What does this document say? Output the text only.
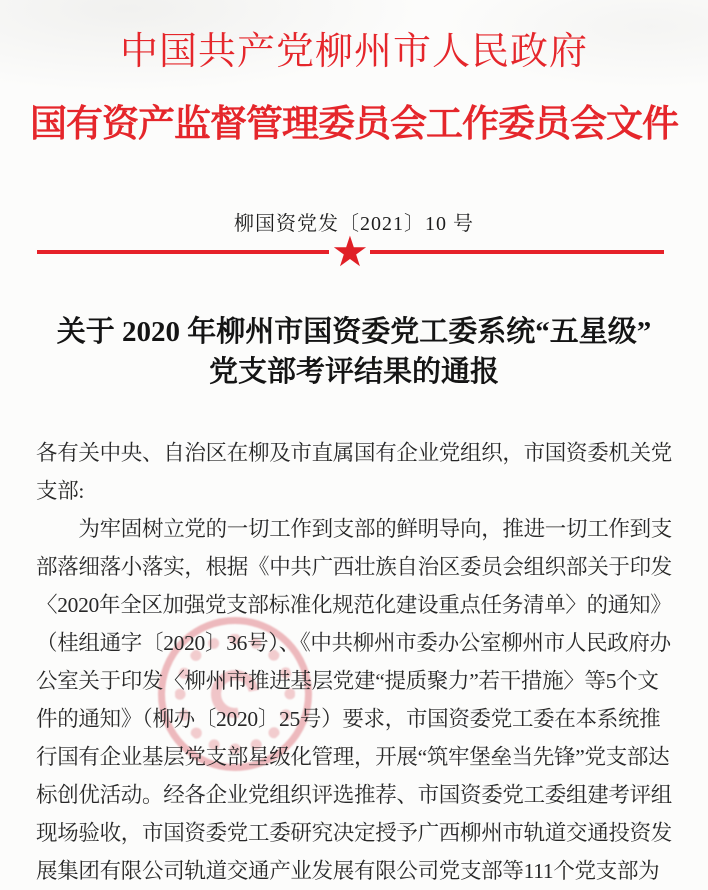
中国共产党柳州市人民政府
国有资产监督管理委员会工作委员会文件
柳国资党发〔2021〕10 号
★
关于 2020 年柳州市国资委党工委系统“五星级”
党支部考评结果的通报
各有关中央、自治区在柳及市直属国有企业党组织，市国资委机关党
支部:
　　为牢固树立党的一切工作到支部的鲜明导向，推进一切工作到支
部落细落小落实，根据《中共广西壮族自治区委员会组织部关于印发
〈2020年全区加强党支部标准化规范化建设重点任务清单〉的通知》
（桂组通字〔2020〕36号）、《中共柳州市委办公室柳州市人民政府办
公室关于印发〈柳州市推进基层党建“提质聚力”若干措施〉等5个文
件的通知》（柳办〔2020〕25号）要求，市国资委党工委在本系统推
行国有企业基层党支部星级化管理，开展“筑牢堡垒当先锋”党支部达
标创优活动。经各企业党组织评选推荐、市国资委党工委组建考评组
现场验收，市国资委党工委研究决定授予广西柳州市轨道交通投资发
展集团有限公司轨道交通产业发展有限公司党支部等111个党支部为
